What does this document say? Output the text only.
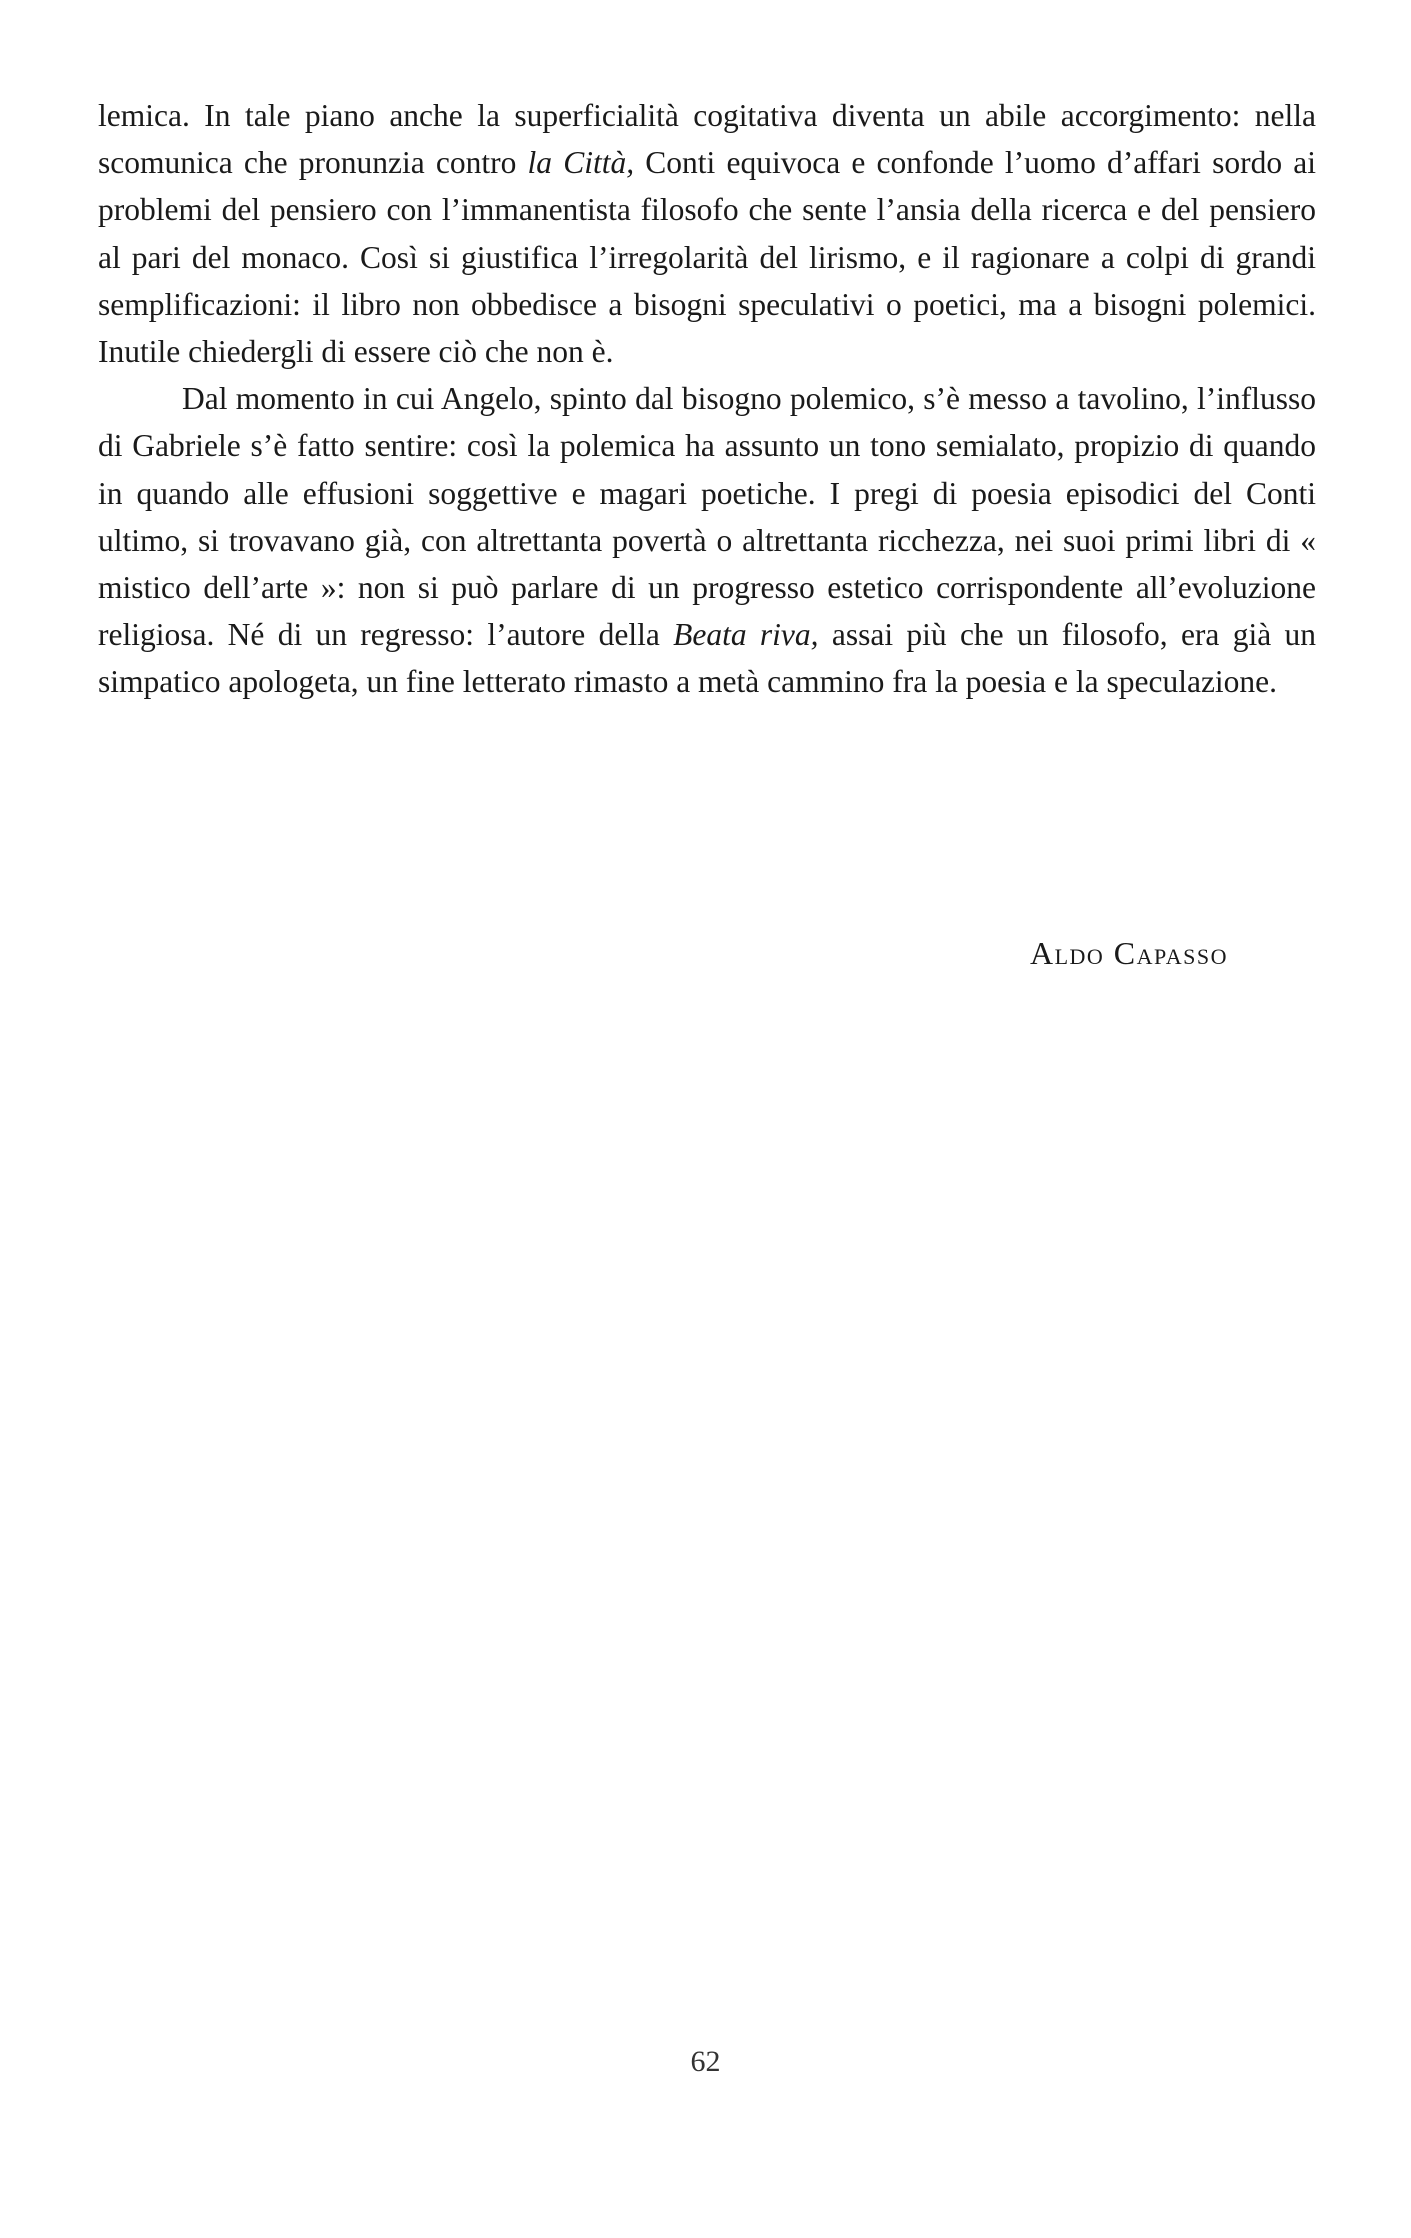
lemica. In tale piano anche la superficialità cogitativa diventa un abile accorgimento: nella scomunica che pronunzia contro la Città, Conti equivoca e confonde l’uomo d’affari sordo ai problemi del pensiero con l’immanentista filosofo che sente l’ansia della ricerca e del pensiero al pari del monaco. Così si giustifica l’irregolarità del lirismo, e il ragionare a colpi di grandi semplificazioni: il libro non obbedisce a bisogni speculativi o poetici, ma a bisogni polemici. Inutile chiedergli di essere ciò che non è.

Dal momento in cui Angelo, spinto dal bisogno polemico, s’è messo a tavolino, l’influsso di Gabriele s’è fatto sentire: così la polemica ha assunto un tono semialato, propizio di quando in quando alle effusioni soggettive e magari poetiche. I pregi di poesia episodici del Conti ultimo, si trovavano già, con altrettanta povertà o altrettanta ricchezza, nei suoi primi libri di « mistico dell’arte »: non si può parlare di un progresso estetico corrispondente all’evoluzione religiosa. Né di un regresso: l’autore della Beata riva, assai più che un filosofo, era già un simpatico apologeta, un fine letterato rimasto a metà cammino fra la poesia e la speculazione.

Aldo Capasso
62
